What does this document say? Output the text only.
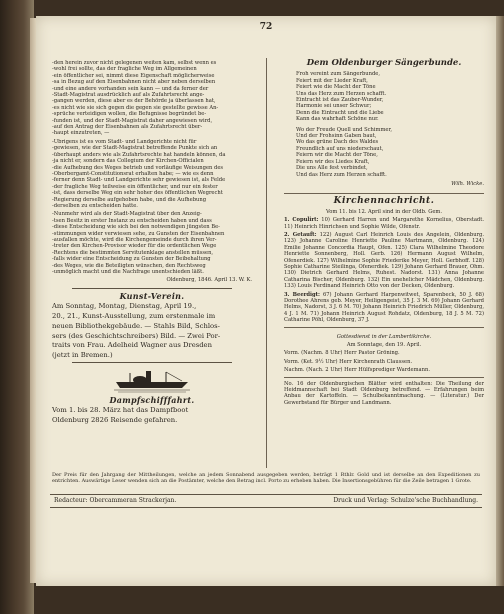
72
-den herein zuvor nicht gelegenen weiten kam, selbst wenn es
-wohl frei sollte, das der fragliche Weg im Allgemeinen
-ein öffentlicher sei, nimmt diese Eigenschaft möglicherweise
-sa in Bezug auf den Eisenbahnen nicht aber neben derselben
-und eine andere vorhanden sein kann — und da ferner der
-Stadt-Magistrat ausdrücklich auf als Zufahrtsrecht ange-
-gangen werden, diese aber es der Behörde ja überlassen hat,
-es nicht wie sie sich gegen die gegen sie gestellte gewisse An-
-sprüche verteidigen wollen, die Befugnisse begründet be-
-funden ist, und der Stadt-Magistrat daher angewiesen wird,
-auf den Antrag der Eisenbahnen als Zufahrtsrecht über-
-haupt einzutreten, —
-Übrigens ist es vom Stadt- und Landgerichte nicht für
-gewiesen, wie der Stadt-Magistrat betreffende Punkte sich an
-überhaupt anders wie als Zufahrtsrechte hat handeln können, da
-ja nicht er, sondern das Collegium der Kirchen-Officialen
-die Aufhebung des Weges betrieb und vorläufige Weisungen des
-Oberbergamt-Constitutionsrat erhalten habe; — wie es denn
-ferner denn Stadt- und Landgerichte sehr gewiesen ist, als Felde
-der fragliche Weg teilweise ein öffentlicher, und nur ein fester
-ist, dass derselbe Weg ein sehr hoher des öffentlichen Wegrecht
-Regierung derselbe aufgehoben habe, und die Aufhebung
-derselben zu entscheiden hatte.
-Nunmehr wird als der Stadt-Magistrat über den Anzeig-
-tsen Besitz in erster Instanz zu entscheiden haben und dass
-diese Entscheidung wie sich bei den notwendigen jüngsten Be-
-stimmungen wider verwiesen sehe, zu Gunsten der Eisenbahnen
-ausfallen möchte, wird die Kirchengemeinde durch ihren Ver-
-treter den Kirchen-Provisor wieder für die ordentlichen Wege
-Rechtens die bestimmten Servitutenklage anstellen müssen,
-falls wider eine Entscheidung zu Gunsten der Beibehaltung
-des Weges, wie die Beteiligten wünschen, den Rechtsweg
-unmöglich macht und die Nachfrage unentschieden läßt.
Oldenburg, 1846. April 13. W. K.
Kunst-Verein.
Am Sonntag, Montag, Dienstag, April 19.,
20., 21., Kunst-Ausstellung, zum erstenmale im
neuen Bibliothekgebäude. — Stahls Bild, Schlos-
sers (des Geschichtschreibers) Bild. — Zwei Por-
traits von Frau. Adelheid Wagner aus Dresden
(jetzt in Bremen.)
Dampfschifffahrt.
Vom 1. bis 28. März hat das Dampfboot
Oldenburg 2826 Reisende gefahren.
Dem Oldenburger Sängerbunde.
Froh vereint zum Sängerbunde,
Feiert mit der Lieder Kraft,
Feiert wie die Macht der Töne
Uns das Herz zum Herzen schafft.
Eintracht ist das Zauber-Wunder,
Harmonie sei unser Schwur;
Denn die Eintracht und die Liebe
Kann das wahrhaft Schöne nur.
Wo der Freude Quell und Schimmer,
Und der Frohsinn Gaben baut,
Wo das grüne Dach des Waldes
Freundlich auf uns niederschaut,
Feiern wir die Macht der Töne,
Feiern wir des Liedes Kraft,
Die uns Alle fest verbindet,
Und das Herz zum Herzen schafft.
Wilh. Wicke.
Kirchennachricht.
Vom 11. bis 12. April sind in der Oldb. Gem.
1. Copulirt: 10) Gerhard Harren und Margarethe Kornelius, Oberstadt. 11) Heinrich Hinrichsen und Sophie Wilde, Ofenstr.
2. Getauft: 122) August Carl Heinrich Louis des Angelein, Oldenburg. 123) Johanne Caroline Henriette Pauline Martmann, Oldenburg. 124) Emilie Johanne Concordia Haupt, Ofen. 125) Clara Wilhelmine Theodore Henriette Sonnenberg, Holl. Gerb. 126) Hermann August Wilhelm, Ofenerdiek. 127) Wilhelmine Sophie Friederike Meyer, Holl. Gerbhoff. 128) Sophie Catharine Steilinga, Ofenerdiek. 129) Johann Gerhard Brauer, Ohm. 130) Dietrich Gerhard Helms, Ruhest. Nadorst. 131) Anna Johanne Catharina Bischer, Oldenburg. 132) Ein unehelicher Mädchen, Oldenburg. 133) Louis Ferdinand Heinrich Otto von der Decken, Oldenburg.
3. Beerdigt: 67) Johann Gerhard Harpenwitwet, Sparenbeck, 50 J. 68) Dorothee Ahrens geb. Meyer, Heiligengeist, 35 J. 3 M. 69) Johann Gerhard Helms, Nadorst, 3 J. 6 M. 70) Johann Heinrich Friedrich Müller, Oldenburg, 4 J. 1 M. 71) Johann Heinrich August Rohdatz, Oldenburg, 18 J. 5 M. 72) Catharine Pöhl, Oldenburg, 37 J.
Gottesdienst in der Lambertikirche.
Am Sonntage, den 19. April.
Vorm. (Nachm. 8 Uhr) Herr Pastor Gröning.
Vorm. (Ket. 9½ Uhr) Herr Kirchenrath Claussen.
Nachm. (Nach. 2 Uhr) Herr Hülfsprediger Wardemann.
No. 16 der Oldenburgischen Blätter wird enthalten: Die Theilung der Heidmannschaft bei Stadt Oldenburg betreffend. — Erfahrungen beim Anbau der Kartoffeln. — Schulbekanntmachung. — (Literatur.) Der Gewerbstand für Bürger und Landmann.
Der Preis für den Jahrgang der Mittheilungen, welche an jedem Sonnabend ausgegeben werden, beträgt 1 Rthlr. Gold und ist derselbe an den Expeditionen zu entrichten. Auswärtige Leser wenden sich an die Postämter, welche den Betrag incl. Porto zu erheben haben. Die Insertionsgebühren für die Zeile betragen 1 Grote.
Redacteur: Obercammeran Strackerjan.	Druck und Verlag: Schulze'sche Buchhandlung.
